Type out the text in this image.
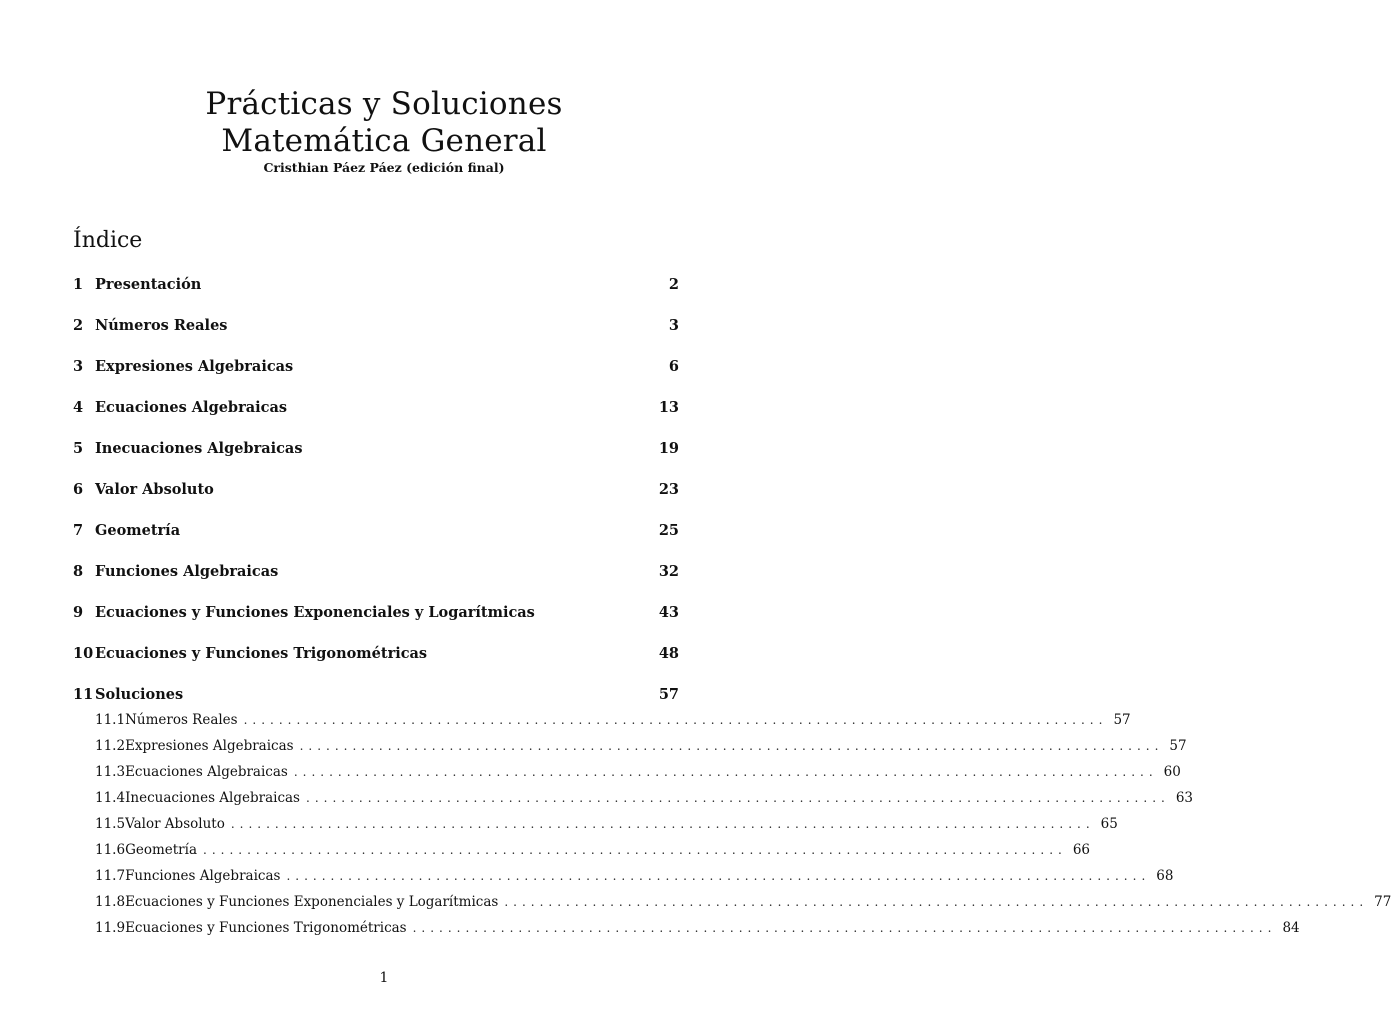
Prácticas y Soluciones
Matemática General
Cristhian Páez Páez (edición final)
Índice
1 Presentación	2
2 Números Reales	3
3 Expresiones Algebraicas	6
4 Ecuaciones Algebraicas	13
5 Inecuaciones Algebraicas	19
6 Valor Absoluto	23
7 Geometría	25
8 Funciones Algebraicas	32
9 Ecuaciones y Funciones Exponenciales y Logarítmicas	43
10 Ecuaciones y Funciones Trigonométricas	48
11 Soluciones	57
11.1 Números Reales .................................................................................................. 57
11.2 Expresiones Algebraicas .................................................................................................. 57
11.3 Ecuaciones Algebraicas .................................................................................................. 60
11.4 Inecuaciones Algebraicas .................................................................................................. 63
11.5 Valor Absoluto .................................................................................................. 65
11.6 Geometría .................................................................................................. 66
11.7 Funciones Algebraicas .................................................................................................. 68
11.8 Ecuaciones y Funciones Exponenciales y Logarítmicas .................................................................................................. 77
11.9 Ecuaciones y Funciones Trigonométricas .................................................................................................. 84
1
